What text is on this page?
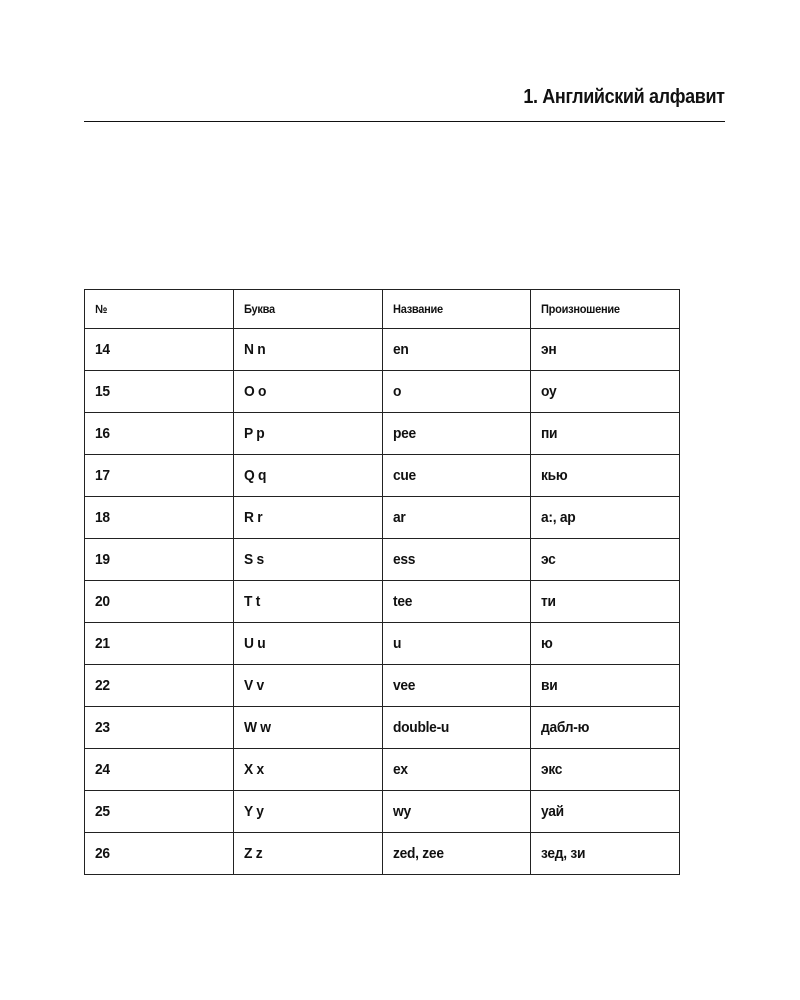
1. Английский алфавит
№	Буква	Название	Произношение
14	N n	en	эн
15	O o	o	оу
16	P p	pee	пи
17	Q q	cue	кью
18	R r	ar	а:, ар
19	S s	ess	эс
20	T t	tee	ти
21	U u	u	ю
22	V v	vee	ви
23	W w	double-u	дабл-ю
24	X x	ex	экс
25	Y y	wy	уай
26	Z z	zed, zee	зед, зи
